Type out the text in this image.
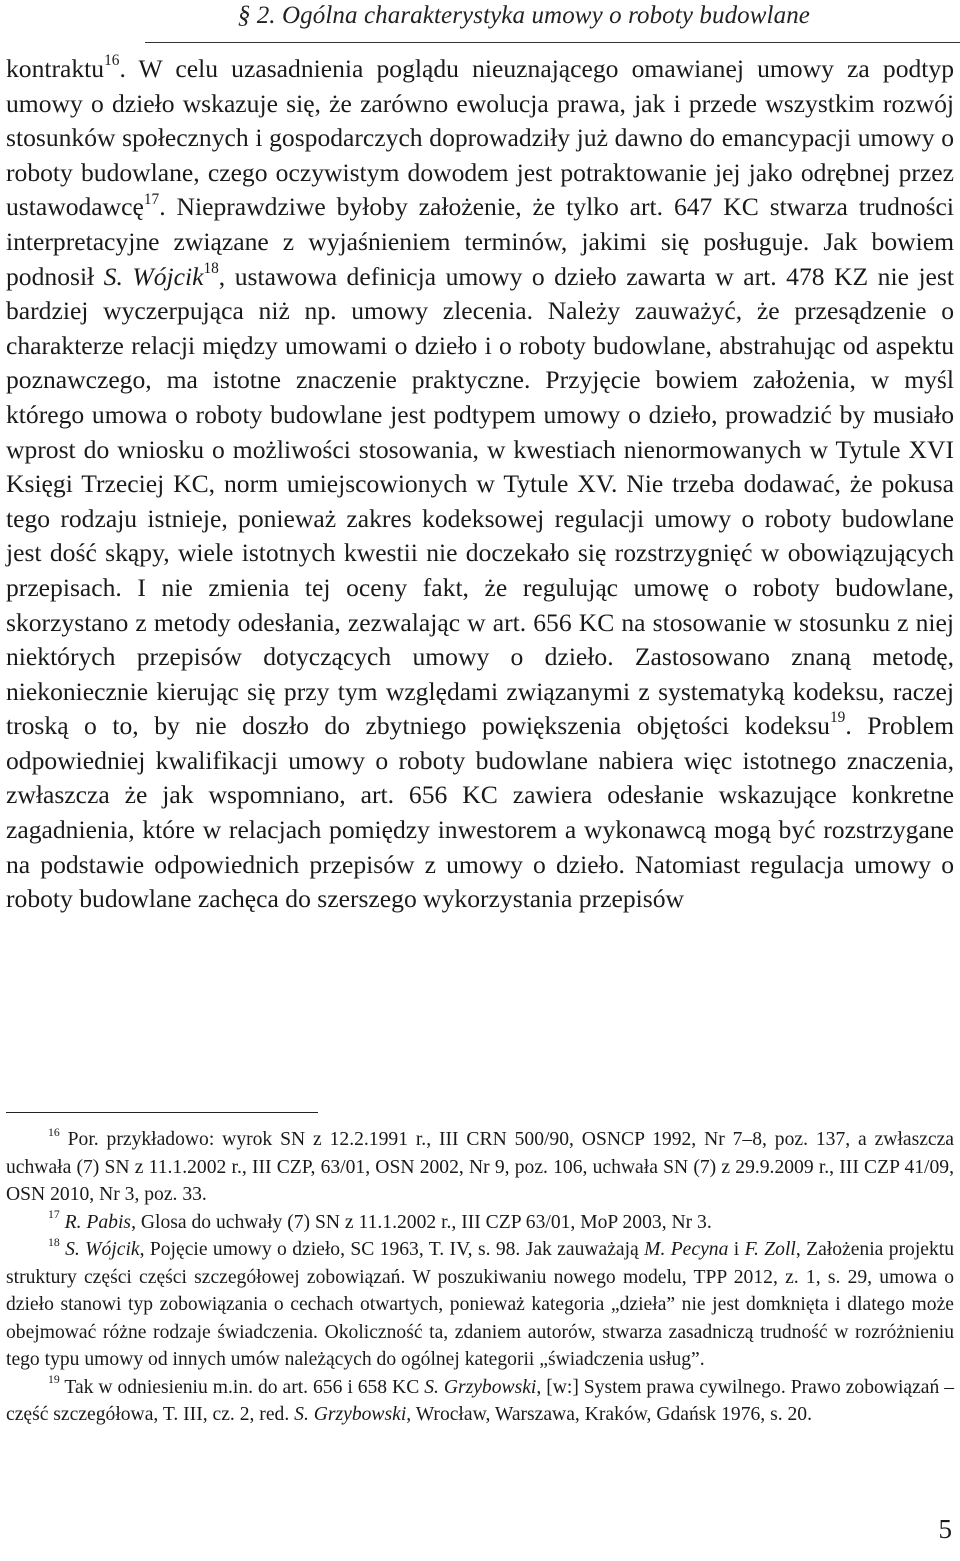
§ 2. Ogólna charakterystyka umowy o roboty budowlane

kontraktu$^{16}$. W celu uzasadnienia poglądu nieuznającego omawianej umowy za podtyp umowy o dzieło wskazuje się, że zarówno ewolucja prawa, jak i przede wszystkim rozwój stosunków społecznych i gospodarczych doprowadziły już dawno do emancypacji umowy o roboty budowlane, czego oczywistym dowodem jest potraktowanie jej jako odrębnej przez ustawodawcę$^{17}$. Nieprawdziwe byłoby założenie, że tylko art. 647 KC stwarza trudności interpretacyjne związane z wyjaśnieniem terminów, jakimi się posługuje. Jak bowiem podnosił S. Wójcik$^{18}$, ustawowa definicja umowy o dzieło zawarta w art. 478 KZ nie jest bardziej wyczerpująca niż np. umowy zlecenia. Należy zauważyć, że przesądzenie o charakterze relacji między umowami o dzieło i o roboty budowlane, abstrahując od aspektu poznawczego, ma istotne znaczenie praktyczne. Przyjęcie bowiem założenia, w myśl którego umowa o roboty budowlane jest podtypem umowy o dzieło, prowadzić by musiało wprost do wniosku o możliwości stosowania, w kwestiach nienormowanych w Tytule XVI Księgi Trzeciej KC, norm umiejscowionych w Tytule XV. Nie trzeba dodawać, że pokusa tego rodzaju istnieje, ponieważ zakres kodeksowej regulacji umowy o roboty budowlane jest dość skąpy, wiele istotnych kwestii nie doczekało się rozstrzygnięć w obowiązujących przepisach. I nie zmienia tej oceny fakt, że regulując umowę o roboty budowlane, skorzystano z metody odesłania, zezwalając w art. 656 KC na stosowanie w stosunku z niej niektórych przepisów dotyczących umowy o dzieło. Zastosowano znaną metodę, niekoniecznie kierując się przy tym względami związanymi z systematyką kodeksu, raczej troską o to, by nie doszło do zbytniego powiększenia objętości kodeksu$^{19}$. Problem odpowiedniej kwalifikacji umowy o roboty budowlane nabiera więc istotnego znaczenia, zwłaszcza że jak wspomniano, art. 656 KC zawiera odesłanie wskazujące konkretne zagadnienia, które w relacjach pomiędzy inwestorem a wykonawcą mogą być rozstrzygane na podstawie odpowiednich przepisów z umowy o dzieło. Natomiast regulacja umowy o roboty budowlane zachęca do szerszego wykorzystania przepisów

$^{16}$ Por. przykładowo: wyrok SN z 12.2.1991 r., III CRN 500/90, OSNCP 1992, Nr 7–8, poz. 137, a zwłaszcza uchwała (7) SN z 11.1.2002 r., III CZP, 63/01, OSN 2002, Nr 9, poz. 106, uchwała SN (7) z 29.9.2009 r., III CZP 41/09, OSN 2010, Nr 3, poz. 33.

$^{17}$ R. Pabis, Glosa do uchwały (7) SN z 11.1.2002 r., III CZP 63/01, MoP 2003, Nr 3.

$^{18}$ S. Wójcik, Pojęcie umowy o dzieło, SC 1963, T. IV, s. 98. Jak zauważają M. Pecyna i F. Zoll, Założenia projektu struktury części części szczegółowej zobowiązań. W poszukiwaniu nowego modelu, TPP 2012, z. 1, s. 29, umowa o dzieło stanowi typ zobowiązania o cechach otwartych, ponieważ kategoria „dzieła” nie jest domknięta i dlatego może obejmować różne rodzaje świadczenia. Okoliczność ta, zdaniem autorów, stwarza zasadniczą trudność w rozróżnieniu tego typu umowy od innych umów należących do ogólnej kategorii „świadczenia usług”.

$^{19}$ Tak w odniesieniu m.in. do art. 656 i 658 KC S. Grzybowski, [w:] System prawa cywilnego. Prawo zobowiązań – część szczegółowa, T. III, cz. 2, red. S. Grzybowski, Wrocław, Warszawa, Kraków, Gdańsk 1976, s. 20.

5
